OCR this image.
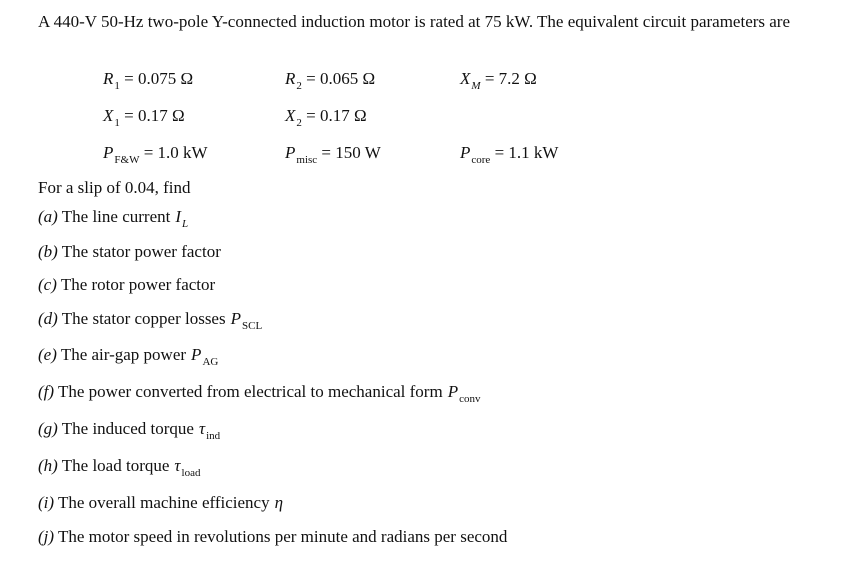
A 440-V 50-Hz two-pole Y-connected induction motor is rated at 75 kW. The equivalent circuit parameters are

$R_1 = 0.075$ Ω	$R_2 = 0.065$ Ω	$X_M = 7.2$ Ω
$X_1 = 0.17$ Ω	$X_2 = 0.17$ Ω
$P_{F\&W} = 1.0$ kW	$P_{misc} = 150$ W	$P_{core} = 1.1$ kW

For a slip of 0.04, find

(a) The line current $I_L$
(b) The stator power factor
(c) The rotor power factor
(d) The stator copper losses $P_{SCL}$
(e) The air-gap power $P_{AG}$
(f) The power converted from electrical to mechanical form $P_{conv}$
(g) The induced torque $\tau_{ind}$
(h) The load torque $\tau_{load}$
(i) The overall machine efficiency η
(j) The motor speed in revolutions per minute and radians per second
